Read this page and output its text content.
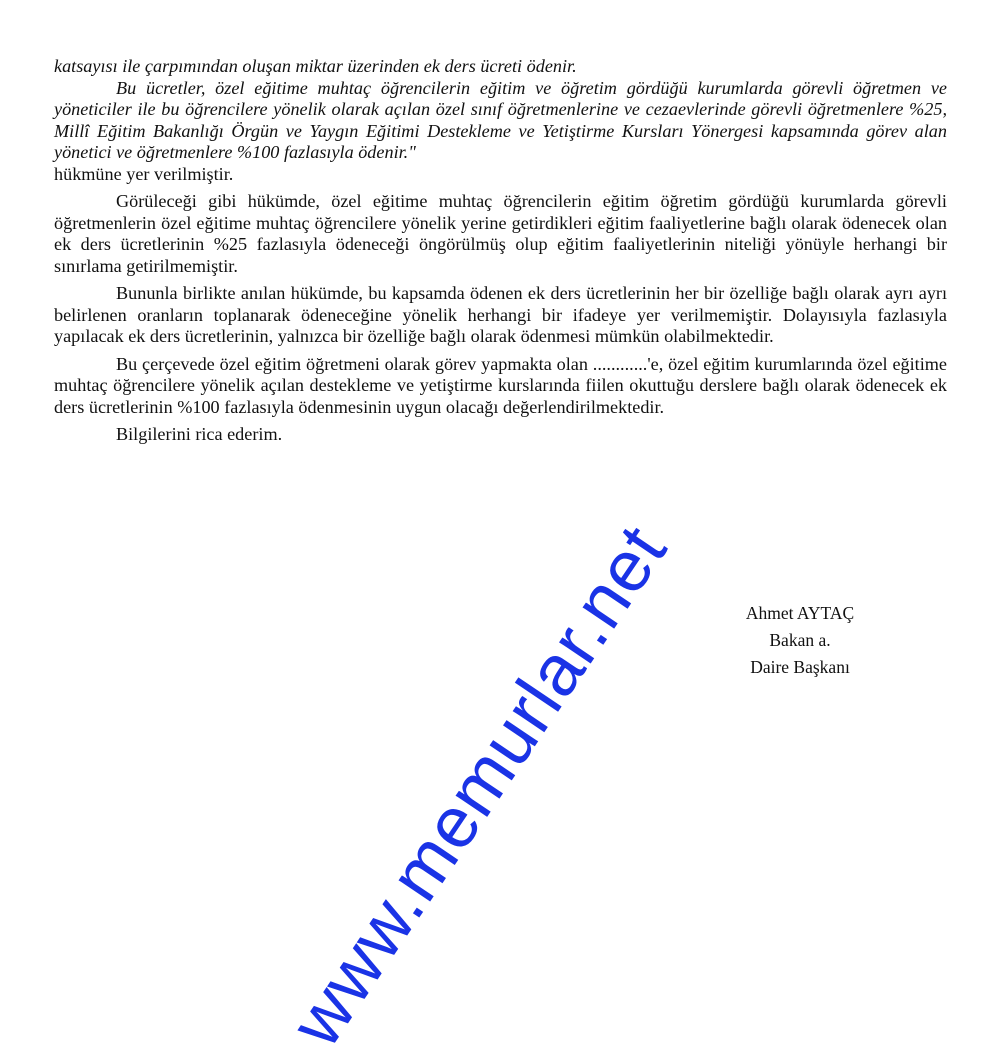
katsayısı ile çarpımından oluşan miktar üzerinden ek ders ücreti ödenir.

Bu ücretler, özel eğitime muhtaç öğrencilerin eğitim ve öğretim gördüğü kurumlarda görevli öğretmen ve yöneticiler ile bu öğrencilere yönelik olarak açılan özel sınıf öğretmenlerine ve cezaevlerinde görevli öğretmenlere %25, Millî Eğitim Bakanlığı Örgün ve Yaygın Eğitimi Destekleme ve Yetiştirme Kursları Yönergesi kapsamında görev alan yönetici ve öğretmenlere %100 fazlasıyla ödenir."

hükmüne yer verilmiştir.

Görüleceği gibi hükümde, özel eğitime muhtaç öğrencilerin eğitim öğretim gördüğü kurumlarda görevli öğretmenlerin özel eğitime muhtaç öğrencilere yönelik yerine getirdikleri eğitim faaliyetlerine bağlı olarak ödenecek olan ek ders ücretlerinin %25 fazlasıyla ödeneceği öngörülmüş olup eğitim faaliyetlerinin niteliği yönüyle herhangi bir sınırlama getirilmemiştir.

Bununla birlikte anılan hükümde, bu kapsamda ödenen ek ders ücretlerinin her bir özelliğe bağlı olarak ayrı ayrı belirlenen oranların toplanarak ödeneceğine yönelik herhangi bir ifadeye yer verilmemiştir. Dolayısıyla fazlasıyla yapılacak ek ders ücretlerinin, yalnızca bir özelliğe bağlı olarak ödenmesi mümkün olabilmektedir.

Bu çerçevede özel eğitim öğretmeni olarak görev yapmakta olan ............'e, özel eğitim kurumlarında özel eğitime muhtaç öğrencilere yönelik açılan destekleme ve yetiştirme kurslarında fiilen okuttuğu derslere bağlı olarak ödenecek ek ders ücretlerinin %100 fazlasıyla ödenmesinin uygun olacağı değerlendirilmektedir.

Bilgilerini rica ederim.

Ahmet AYTAÇ
Bakan a.
Daire Başkanı
www.memurlar.net
